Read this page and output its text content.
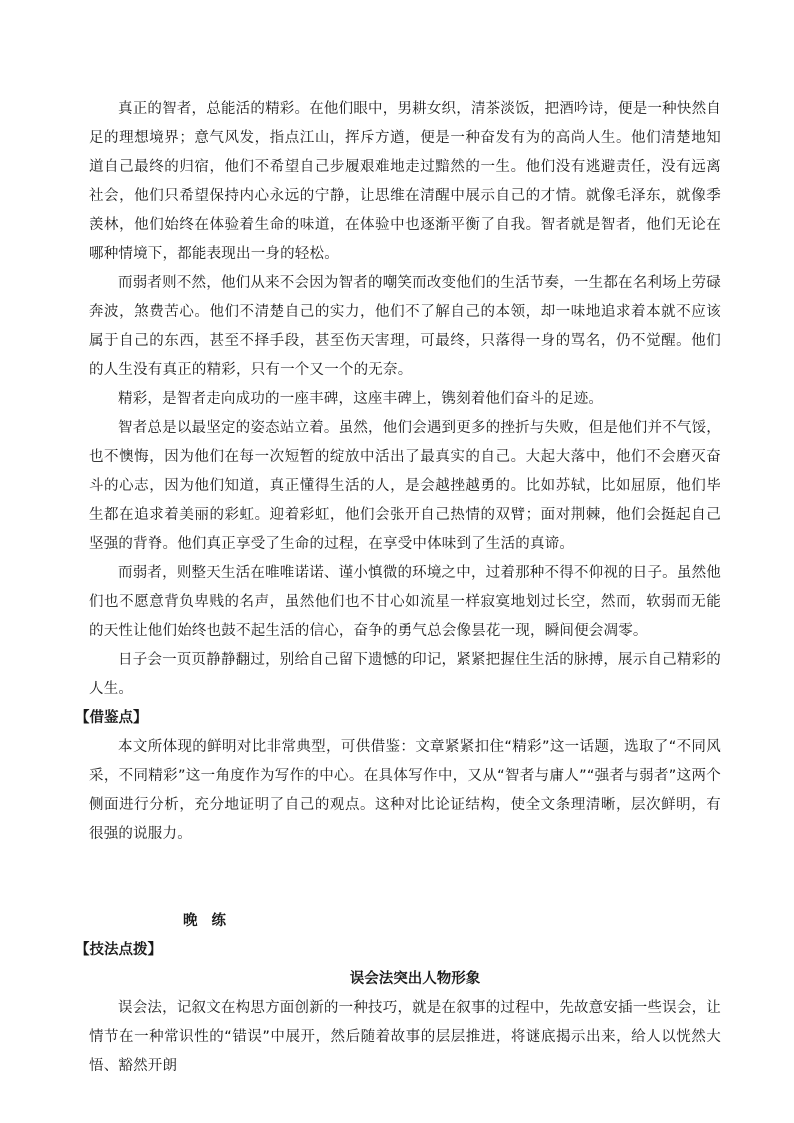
真正的智者，总能活的精彩。在他们眼中，男耕女织，清茶淡饭，把酒吟诗，便是一种快然自足的理想境界；意气风发，指点江山，挥斥方遒，便是一种奋发有为的高尚人生。他们清楚地知道自己最终的归宿，他们不希望自己步履艰难地走过黯然的一生。他们没有逃避责任，没有远离社会，他们只希望保持内心永远的宁静，让思维在清醒中展示自己的才情。就像毛泽东，就像季羡林，他们始终在体验着生命的味道，在体验中也逐渐平衡了自我。智者就是智者，他们无论在哪种情境下，都能表现出一身的轻松。

而弱者则不然，他们从来不会因为智者的嘲笑而改变他们的生活节奏，一生都在名利场上劳碌奔波，煞费苦心。他们不清楚自己的实力，他们不了解自己的本领，却一味地追求着本就不应该属于自己的东西，甚至不择手段，甚至伤天害理，可最终，只落得一身的骂名，仍不觉醒。他们的人生没有真正的精彩，只有一个又一个的无奈。

精彩，是智者走向成功的一座丰碑，这座丰碑上，镌刻着他们奋斗的足迹。

智者总是以最坚定的姿态站立着。虽然，他们会遇到更多的挫折与失败，但是他们并不气馁，也不懊悔，因为他们在每一次短暂的绽放中活出了最真实的自己。大起大落中，他们不会磨灭奋斗的心志，因为他们知道，真正懂得生活的人，是会越挫越勇的。比如苏轼，比如屈原，他们毕生都在追求着美丽的彩虹。迎着彩虹，他们会张开自己热情的双臂；面对荆棘，他们会挺起自己坚强的背脊。他们真正享受了生命的过程，在享受中体味到了生活的真谛。

而弱者，则整天生活在唯唯诺诺、谨小慎微的环境之中，过着那种不得不仰视的日子。虽然他们也不愿意背负卑贱的名声，虽然他们也不甘心如流星一样寂寞地划过长空，然而，软弱而无能的天性让他们始终也鼓不起生活的信心，奋争的勇气总会像昙花一现，瞬间便会凋零。

日子会一页页静静翻过，别给自己留下遗憾的印记，紧紧把握住生活的脉搏，展示自己精彩的人生。

【借鉴点】

本文所体现的鲜明对比非常典型，可供借鉴：文章紧紧扣住“精彩”这一话题，选取了“不同风采，不同精彩”这一角度作为写作的中心。在具体写作中，又从“智者与庸人”“强者与弱者”这两个侧面进行分析，充分地证明了自己的观点。这种对比论证结构，使全文条理清晰，层次鲜明，有很强的说服力。

晚练

【技法点拨】

误会法突出人物形象

误会法，记叙文在构思方面创新的一种技巧，就是在叙事的过程中，先故意安插一些误会，让情节在一种常识性的“错误”中展开，然后随着故事的层层推进，将谜底揭示出来，给人以恍然大悟、豁然开朗
